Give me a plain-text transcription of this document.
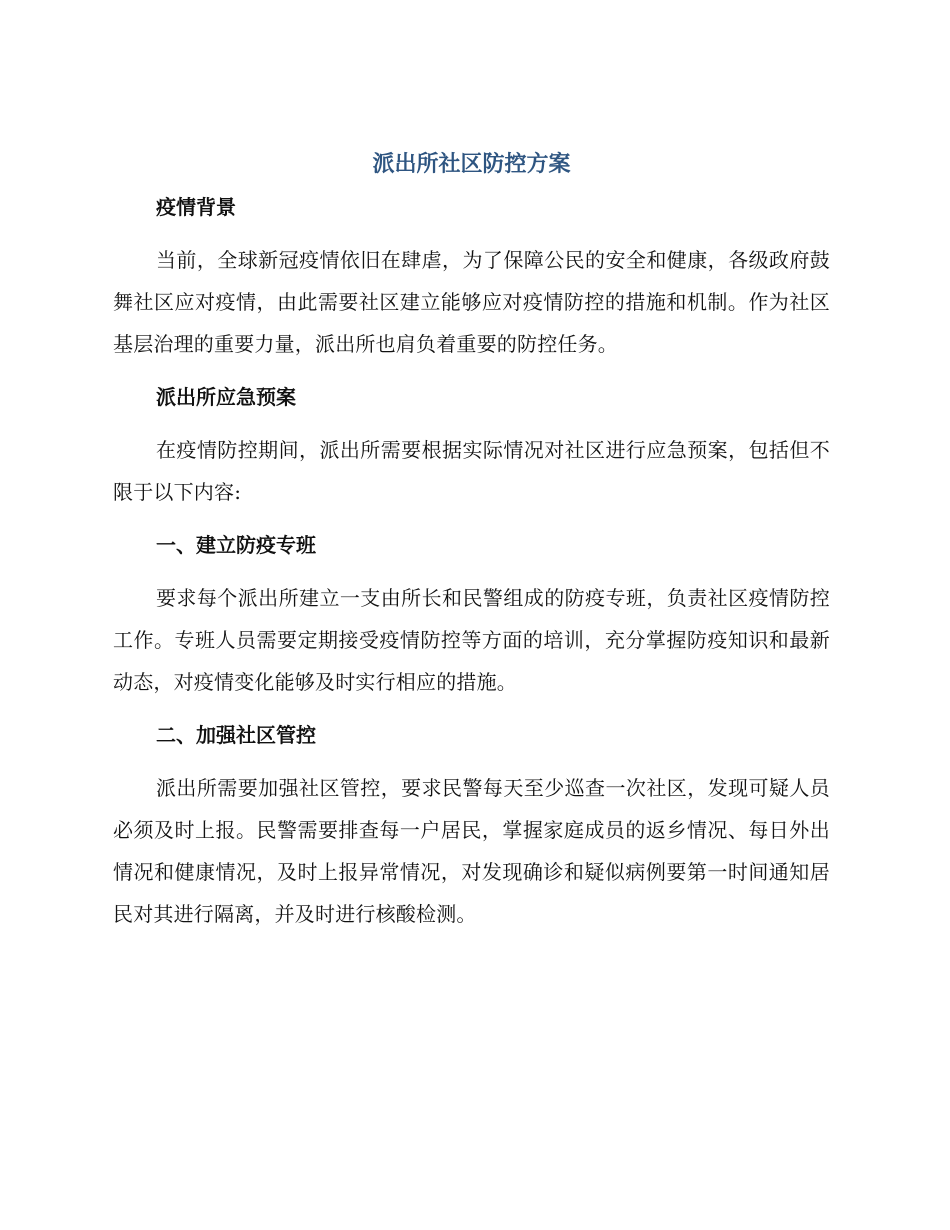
派出所社区防控方案
疫情背景

当前，全球新冠疫情依旧在肆虐，为了保障公民的安全和健康，各级政府鼓舞社区应对疫情，由此需要社区建立能够应对疫情防控的措施和机制。作为社区基层治理的重要力量，派出所也肩负着重要的防控任务。

派出所应急预案

在疫情防控期间，派出所需要根据实际情况对社区进行应急预案，包括但不限于以下内容:

一、建立防疫专班

要求每个派出所建立一支由所长和民警组成的防疫专班，负责社区疫情防控工作。专班人员需要定期接受疫情防控等方面的培训，充分掌握防疫知识和最新动态，对疫情变化能够及时实行相应的措施。

二、加强社区管控

派出所需要加强社区管控，要求民警每天至少巡查一次社区，发现可疑人员必须及时上报。民警需要排查每一户居民，掌握家庭成员的返乡情况、每日外出情况和健康情况，及时上报异常情况，对发现确诊和疑似病例要第一时间通知居民对其进行隔离，并及时进行核酸检测。
